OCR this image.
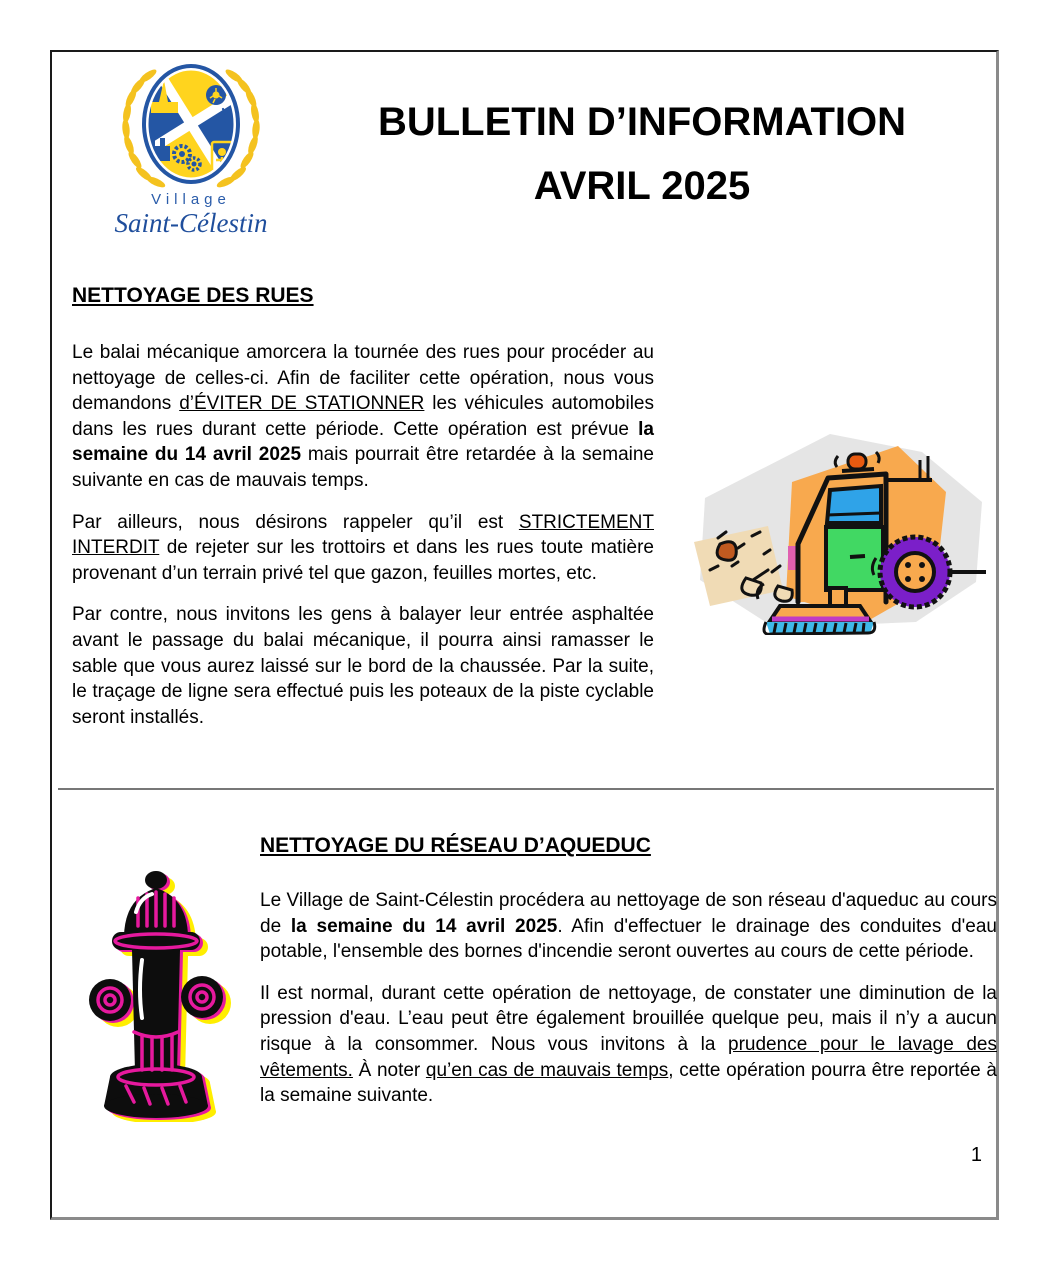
Village
Saint-Célestin
BULLETIN D’INFORMATION
AVRIL 2025
NETTOYAGE DES RUES

Le balai mécanique amorcera la tournée des rues pour procéder au nettoyage de celles-ci. Afin de faciliter cette opération, nous vous demandons d’ÉVITER DE STATIONNER les véhicules automobiles dans les rues durant cette période. Cette opération est prévue la semaine du 14 avril 2025 mais pourrait être retardée à la semaine suivante en cas de mauvais temps.

Par ailleurs, nous désirons rappeler qu’il est STRICTEMENT INTERDIT de rejeter sur les trottoirs et dans les rues toute matière provenant d’un terrain privé tel que gazon, feuilles mortes, etc.

Par contre, nous invitons les gens à balayer leur entrée asphaltée avant le passage du balai mécanique, il pourra ainsi ramasser le sable que vous aurez laissé sur le bord de la chaussée. Par la suite, le traçage de ligne sera effectué puis les poteaux de la piste cyclable seront installés.

NETTOYAGE DU RÉSEAU D’AQUEDUC

Le Village de Saint-Célestin procédera au nettoyage de son réseau d'aqueduc au cours de la semaine du 14 avril 2025. Afin d'effectuer le drainage des conduites d'eau potable, l'ensemble des bornes d'incendie seront ouvertes au cours de cette période.

Il est normal, durant cette opération de nettoyage, de constater une diminution de la pression d'eau. L’eau peut être également brouillée quelque peu, mais il n’y a aucun risque à la consommer. Nous vous invitons à la prudence pour le lavage des vêtements. À noter qu’en cas de mauvais temps, cette opération pourra être reportée à la semaine suivante.

1
